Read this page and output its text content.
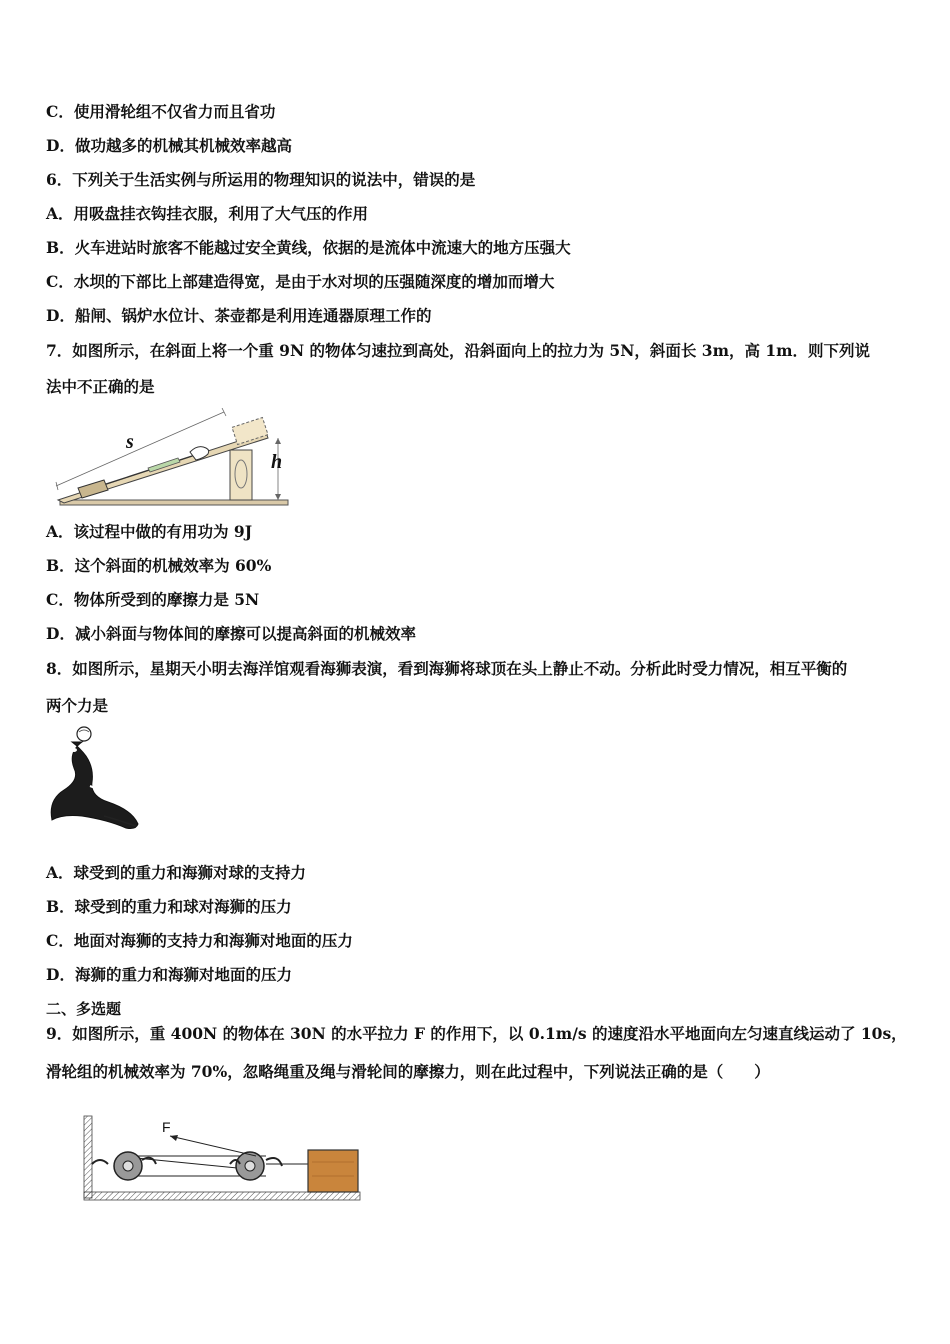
C．使用滑轮组不仅省力而且省功
D．做功越多的机械其机械效率越高
6．下列关于生活实例与所运用的物理知识的说法中，错误的是
A．用吸盘挂衣钩挂衣服，利用了大气压的作用
B．火车进站时旅客不能越过安全黄线，依据的是流体中流速大的地方压强大
C．水坝的下部比上部建造得宽，是由于水对坝的压强随深度的增加而增大
D．船闸、锅炉水位计、茶壶都是利用连通器原理工作的
7．如图所示，在斜面上将一个重 9N 的物体匀速拉到高处，沿斜面向上的拉力为 5N，斜面长 3m，高 1m．则下列说
法中不正确的是
s
h
A．该过程中做的有用功为 9J
B．这个斜面的机械效率为 60%
C．物体所受到的摩擦力是 5N
D．减小斜面与物体间的摩擦可以提高斜面的机械效率
8．如图所示，星期天小明去海洋馆观看海狮表演，看到海狮将球顶在头上静止不动。分析此时受力情况，相互平衡的
两个力是
A．球受到的重力和海狮对球的支持力
B．球受到的重力和球对海狮的压力
C．地面对海狮的支持力和海狮对地面的压力
D．海狮的重力和海狮对地面的压力
二、多选题
9．如图所示，重 400N 的物体在 30N 的水平拉力 F 的作用下，以 0.1m/s 的速度沿水平地面向左匀速直线运动了 10s，
滑轮组的机械效率为 70%，忽略绳重及绳与滑轮间的摩擦力，则在此过程中，下列说法正确的是（　　）
F
